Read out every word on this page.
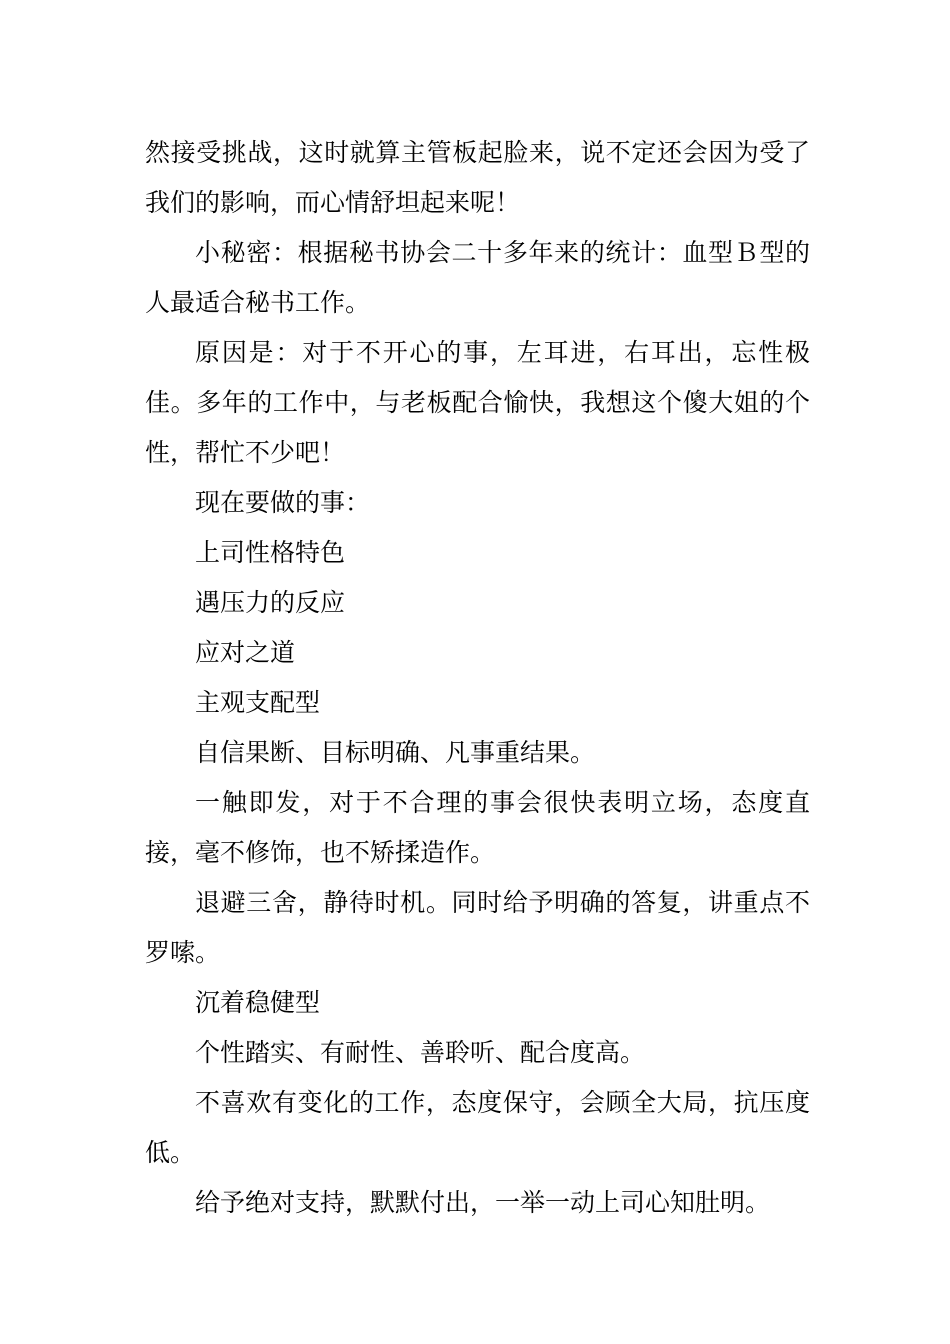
然接受挑战，这时就算主管板起脸来，说不定还会因为受了我们的影响，而心情舒坦起来呢！

小秘密：根据秘书协会二十多年来的统计：血型Ｂ型的人最适合秘书工作。

原因是：对于不开心的事，左耳进，右耳出，忘性极佳。多年的工作中，与老板配合愉快，我想这个傻大姐的个性，帮忙不少吧！

现在要做的事：

上司性格特色

遇压力的反应

应对之道

主观支配型

自信果断、目标明确、凡事重结果。

一触即发，对于不合理的事会很快表明立场，态度直接，毫不修饰，也不矫揉造作。

退避三舍，静待时机。同时给予明确的答复，讲重点不罗嗦。

沉着稳健型

个性踏实、有耐性、善聆听、配合度高。

不喜欢有变化的工作，态度保守，会顾全大局，抗压度低。

给予绝对支持，默默付出，一举一动上司心知肚明。
